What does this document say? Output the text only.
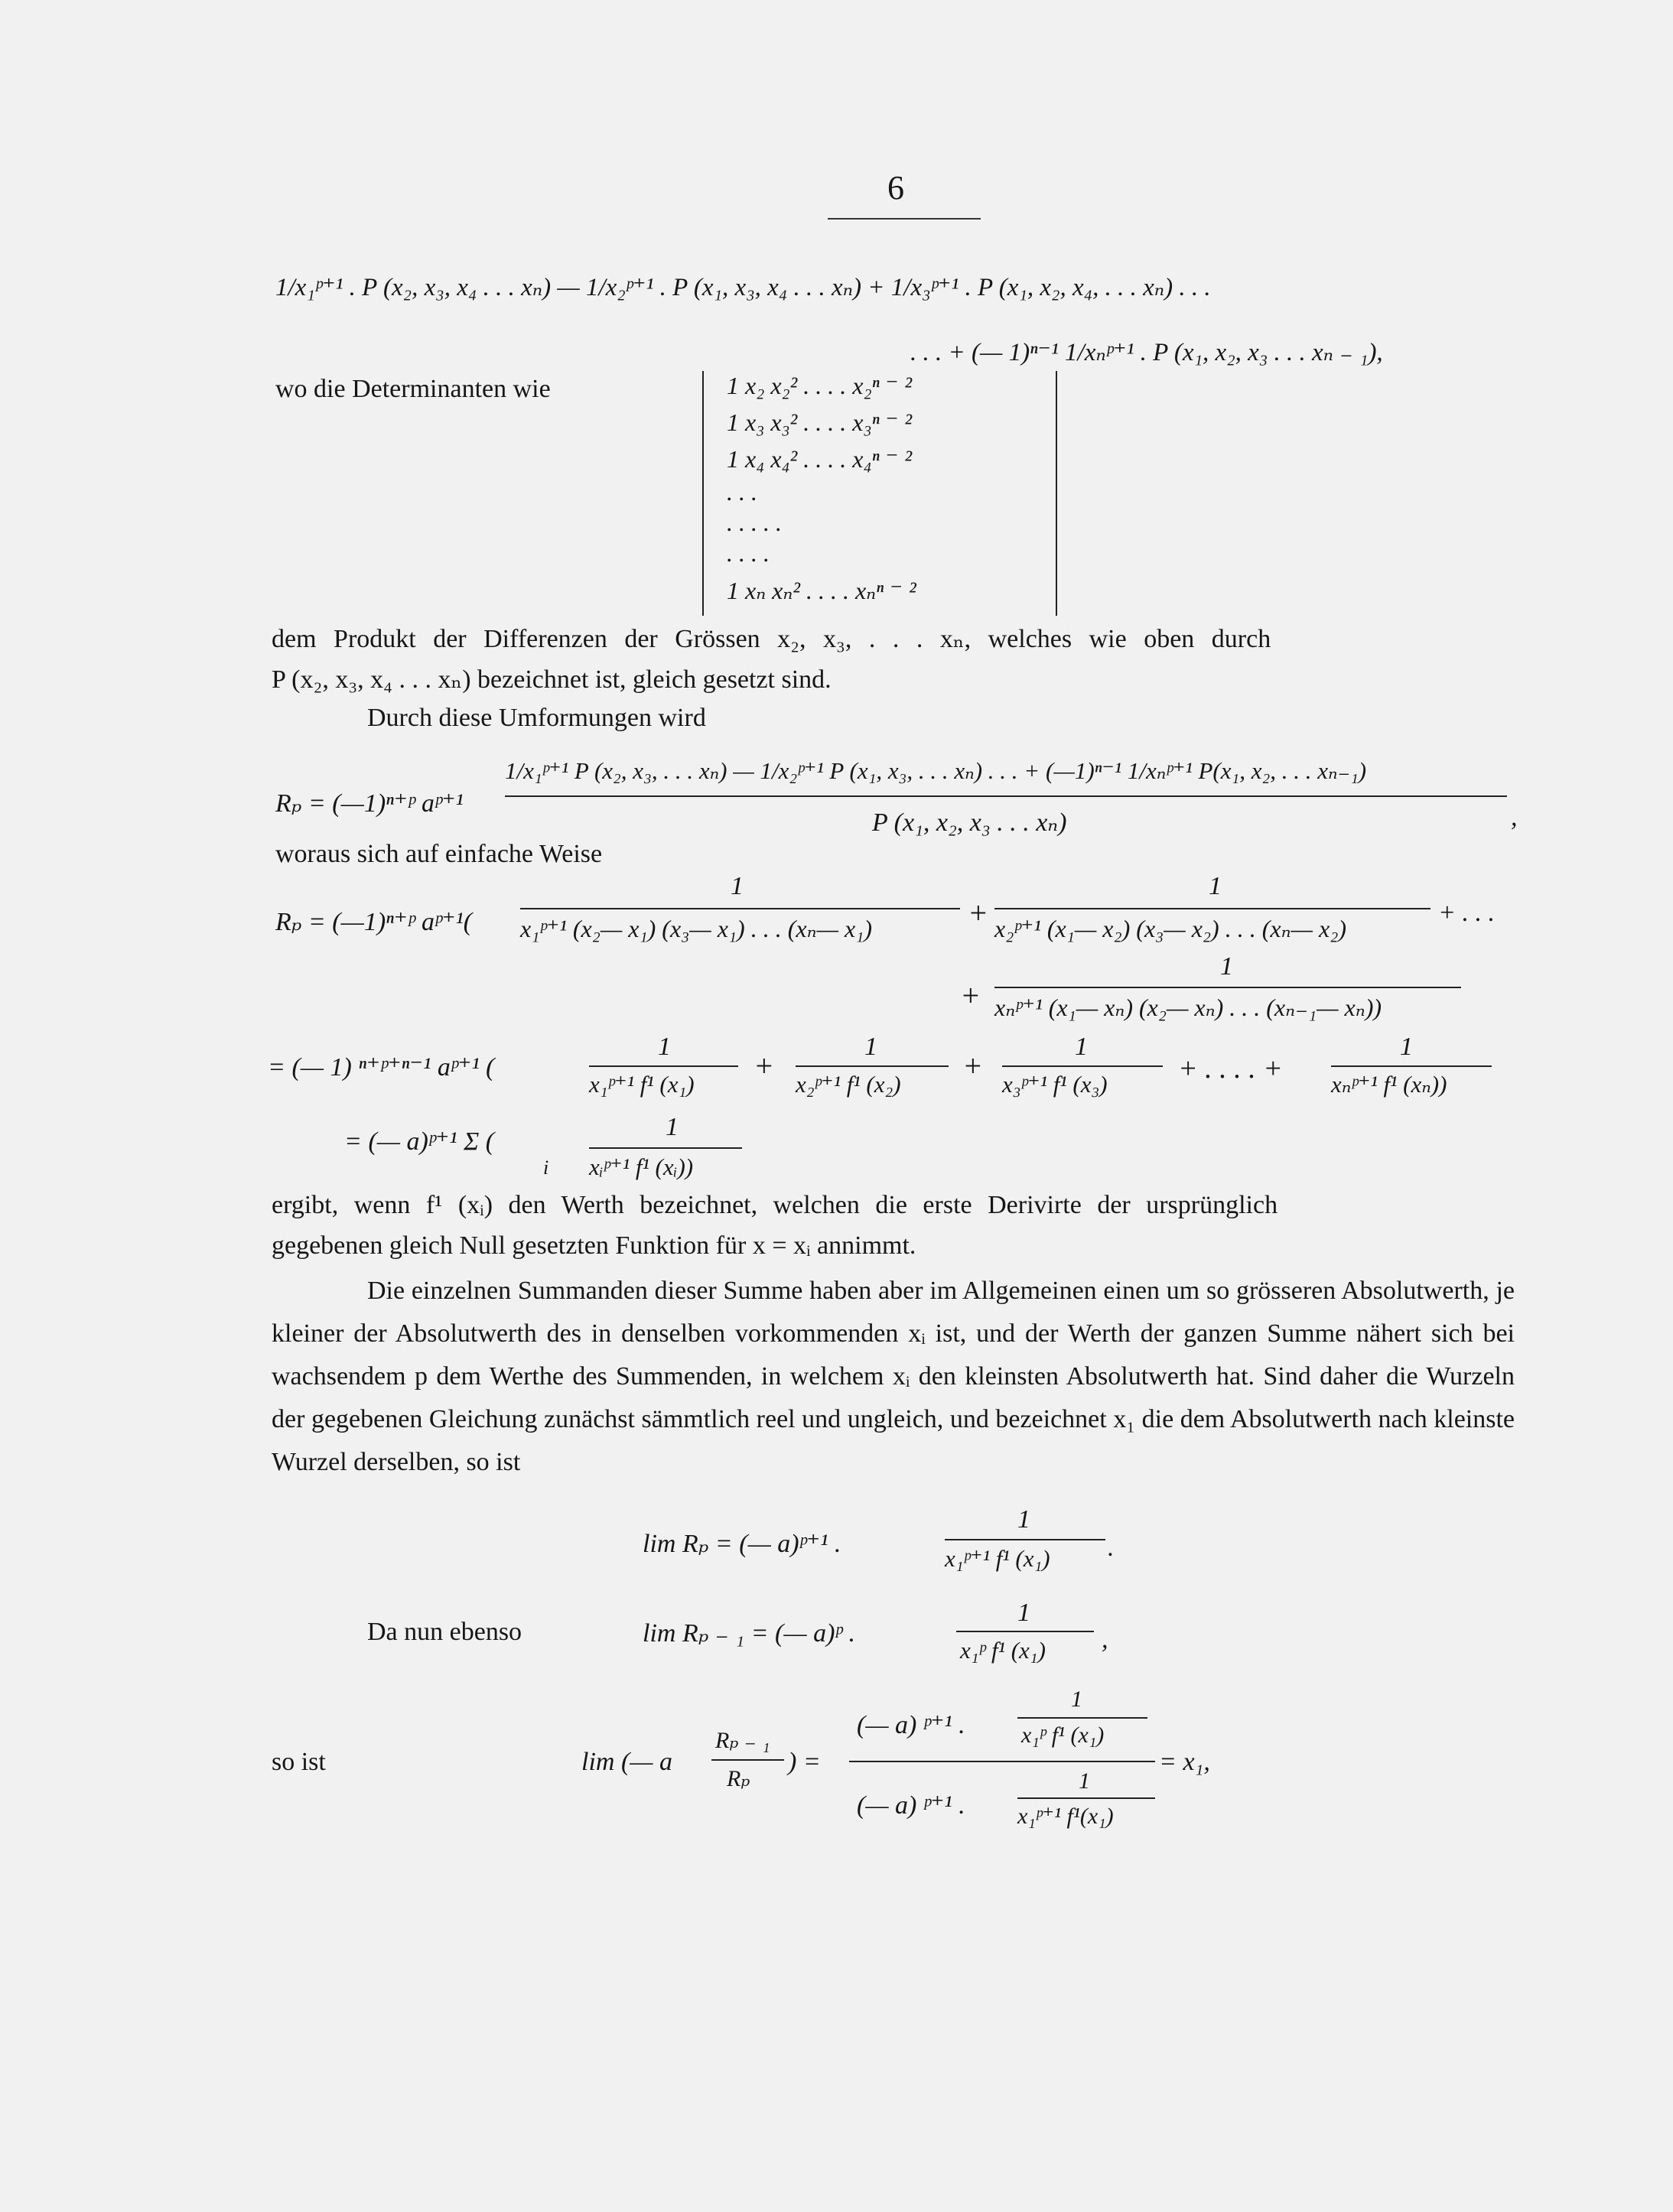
6
1/x₁ᵖ⁺¹ . P (x₂, x₃, x₄ . . . xₙ) — 1/x₂ᵖ⁺¹ . P (x₁, x₃, x₄ . . . xₙ) + 1/x₃ᵖ⁺¹ . P (x₁, x₂, x₄, . . . xₙ) . . .
. . . + (— 1)ⁿ⁻¹ 1/xₙᵖ⁺¹ . P (x₁, x₂, x₃ . . . xₙ ₋ ₁),
wo die Determinanten wie	1 x₂ x₂² . . . . x₂ⁿ ⁻ ²
1 x₃ x₃² . . . . x₃ⁿ ⁻ ²
1 x₄ x₄² . . . . x₄ⁿ ⁻ ²
. . .
. . . . .
. . . .
1 xₙ xₙ² . . . . xₙⁿ ⁻ ²
dem Produkt der Differenzen der Grössen x₂, x₃, . . . xₙ, welches wie oben durch
P (x₂, x₃, x₄ . . . xₙ) bezeichnet ist, gleich gesetzt sind.
Durch diese Umformungen wird
Rₚ = (—1)ⁿ⁺ᵖ aᵖ⁺¹
1/x₁ᵖ⁺¹ P (x₂, x₃, . . . xₙ) — 1/x₂ᵖ⁺¹ P (x₁, x₃, . . . xₙ) . . . + (—1)ⁿ⁻¹ 1/xₙᵖ⁺¹ P(x₁, x₂, . . . xₙ₋₁)
P (x₁, x₂, x₃ . . . xₙ)	,
woraus sich auf einfache Weise
Rₚ = (—1)ⁿ⁺ᵖ aᵖ⁺¹(
1
x₁ᵖ⁺¹ (x₂— x₁) (x₃— x₁) . . . (xₙ— x₁)	+
1
x₂ᵖ⁺¹ (x₁— x₂) (x₃— x₂) . . . (xₙ— x₂)
+ . . .
+
1
xₙᵖ⁺¹ (x₁— xₙ) (x₂— xₙ) . . . (xₙ₋₁— xₙ))
= (— 1) ⁿ⁺ᵖ⁺ⁿ⁻¹ aᵖ⁺¹ (
1
x₁ᵖ⁺¹ f¹ (x₁)
+
1
x₂ᵖ⁺¹ f¹ (x₂)
+
1
x₃ᵖ⁺¹ f¹ (x₃) + . . . . +
1
xₙᵖ⁺¹ f¹ (xₙ))
= (— a)ᵖ⁺¹ Σ (
i
1
xᵢᵖ⁺¹ f¹ (xᵢ))
ergibt, wenn f¹ (xᵢ) den Werth bezeichnet, welchen die erste Derivirte der ursprünglich
gegebenen gleich Null gesetzten Funktion für x = xᵢ annimmt.
Die einzelnen Summanden dieser Summe haben aber im Allgemeinen einen um so grösseren Absolutwerth, je kleiner der Absolutwerth des in denselben vorkommenden xᵢ ist, und der Werth der ganzen Summe nähert sich bei wachsendem p dem Werthe des Summenden, in welchem xᵢ den kleinsten Absolutwerth hat. Sind daher die Wurzeln der gegebenen Gleichung zunächst sämmtlich reel und ungleich, und bezeichnet x₁ die dem Absolutwerth nach kleinste Wurzel derselben, so ist
lim Rₚ = (— a)ᵖ⁺¹ .
1
x₁ᵖ⁺¹ f¹ (x₁) .
Da nun ebenso	lim Rₚ ₋ ₁ = (— a)ᵖ .
1
x₁ᵖ f¹ (x₁) ,
so ist	lim (— a
Rₚ ₋ ₁
Rₚ
) =
(— a) ᵖ⁺¹ .
1
x₁ᵖ f¹ (x₁)
(— a) ᵖ⁺¹ .
1
x₁ᵖ⁺¹ f¹(x₁)
= x₁,
